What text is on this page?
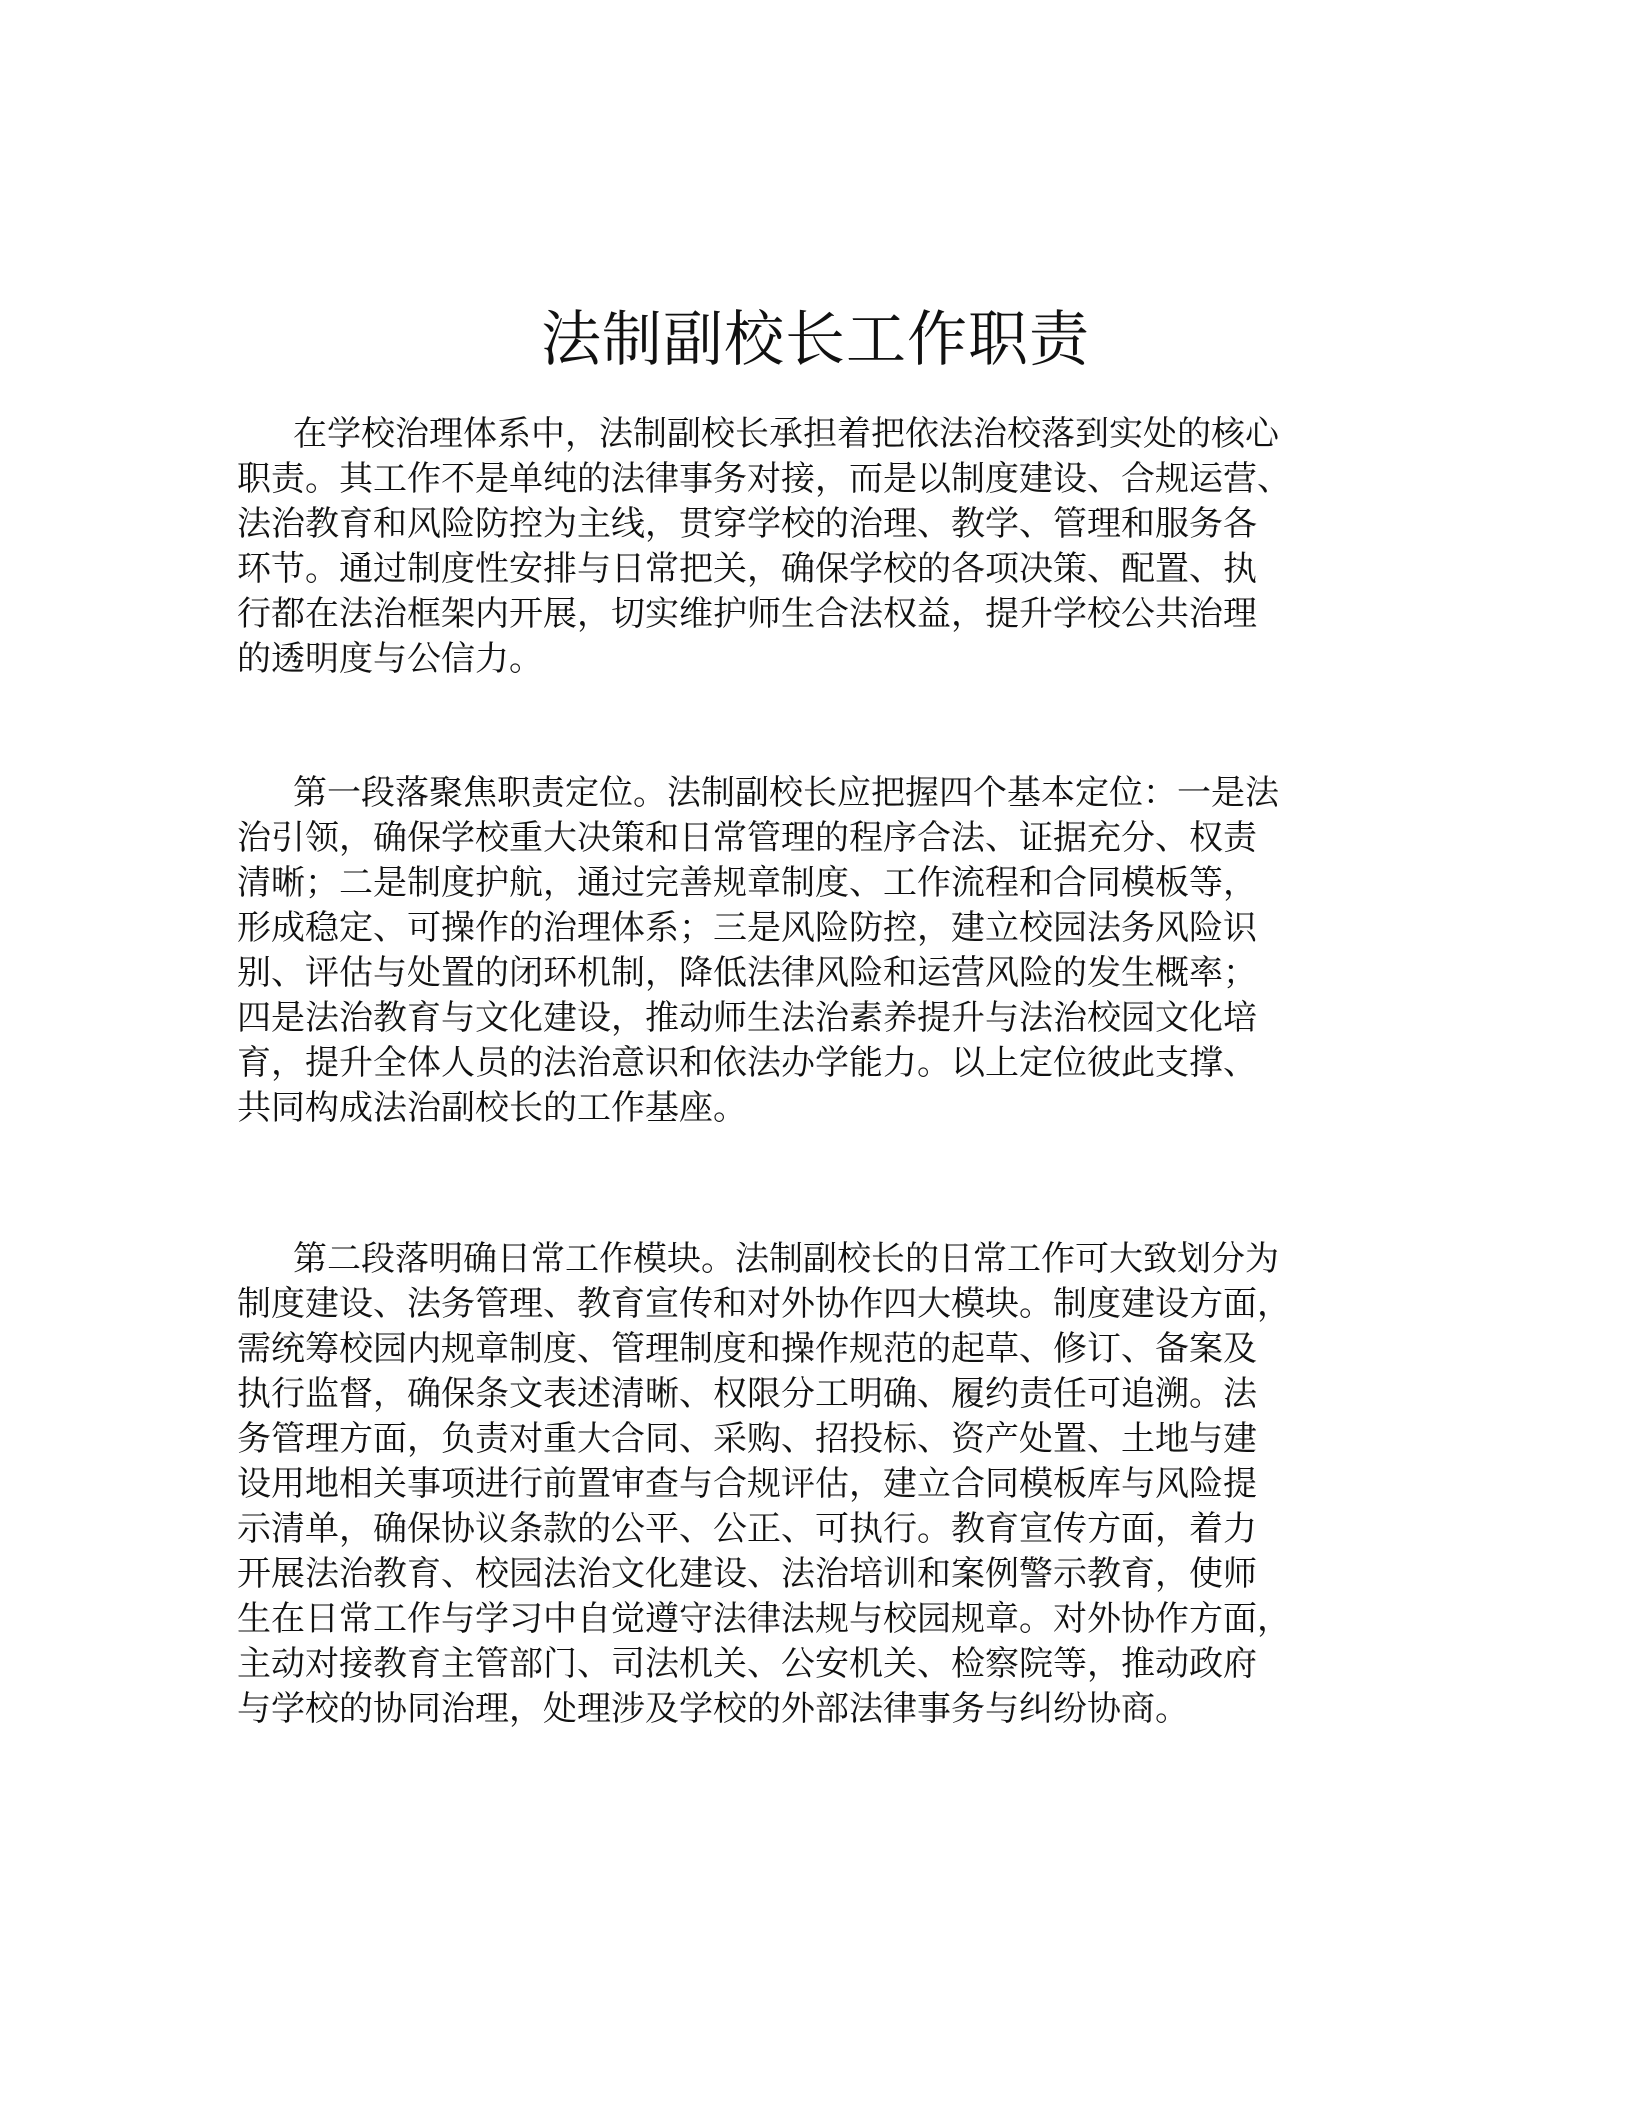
法制副校长工作职责
在学校治理体系中，法制副校长承担着把依法治校落到实处的核心
职责。其工作不是单纯的法律事务对接，而是以制度建设、合规运营、
法治教育和风险防控为主线，贯穿学校的治理、教学、管理和服务各
环节。通过制度性安排与日常把关，确保学校的各项决策、配置、执
行都在法治框架内开展，切实维护师生合法权益，提升学校公共治理
的透明度与公信力。
第一段落聚焦职责定位。法制副校长应把握四个基本定位：一是法
治引领，确保学校重大决策和日常管理的程序合法、证据充分、权责
清晰；二是制度护航，通过完善规章制度、工作流程和合同模板等，
形成稳定、可操作的治理体系；三是风险防控，建立校园法务风险识
别、评估与处置的闭环机制，降低法律风险和运营风险的发生概率；
四是法治教育与文化建设，推动师生法治素养提升与法治校园文化培
育，提升全体人员的法治意识和依法办学能力。以上定位彼此支撑、
共同构成法治副校长的工作基座。
第二段落明确日常工作模块。法制副校长的日常工作可大致划分为
制度建设、法务管理、教育宣传和对外协作四大模块。制度建设方面，
需统筹校园内规章制度、管理制度和操作规范的起草、修订、备案及
执行监督，确保条文表述清晰、权限分工明确、履约责任可追溯。法
务管理方面，负责对重大合同、采购、招投标、资产处置、土地与建
设用地相关事项进行前置审查与合规评估，建立合同模板库与风险提
示清单，确保协议条款的公平、公正、可执行。教育宣传方面，着力
开展法治教育、校园法治文化建设、法治培训和案例警示教育，使师
生在日常工作与学习中自觉遵守法律法规与校园规章。对外协作方面，
主动对接教育主管部门、司法机关、公安机关、检察院等，推动政府
与学校的协同治理，处理涉及学校的外部法律事务与纠纷协商。
